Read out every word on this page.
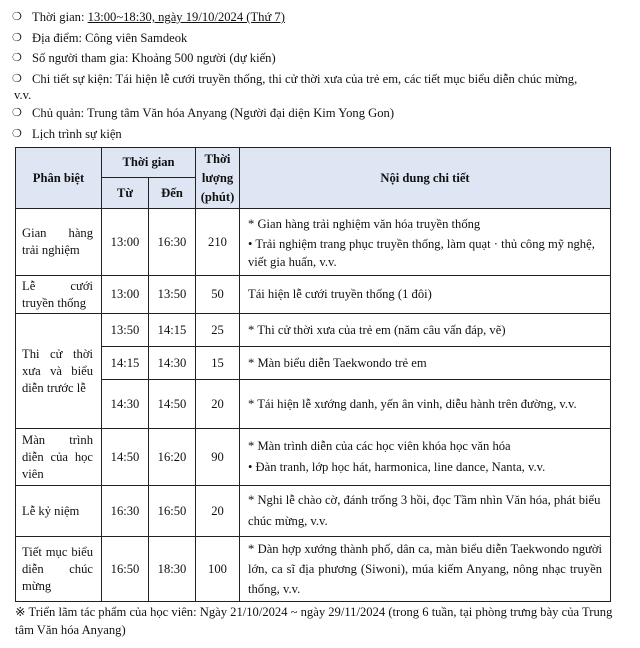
❍ Thời gian: 13:00~18:30, ngày 19/10/2024 (Thứ 7)
❍ Địa điểm: Công viên Samdeok
❍ Số người tham gia: Khoảng 500 người (dự kiến)
❍ Chi tiết sự kiện: Tái hiện lễ cưới truyền thống, thi cử thời xưa của trẻ em, các tiết mục biểu diễn chúc mừng,
v.v.
❍ Chủ quản: Trung tâm Văn hóa Anyang (Người đại diện Kim Yong Gon)
❍ Lịch trình sự kiện
Phân biệt	Thời gian		Thời lượng (phút)	Nội dung chi tiết
	Từ	Đến		
Gian hàng trải nghiệm	13:00	16:30	210	* Gian hàng trải nghiệm văn hóa truyền thống
• Trải nghiệm trang phục truyền thống, làm quạt · thủ công mỹ nghệ, viết gia huấn, v.v.

Lễ cưới truyền thống	13:00	13:50	50	Tái hiện lễ cưới truyền thống (1 đôi)
Thi cử thời xưa và biểu diễn trước lễ	13:50	14:15	25	* Thi cử thời xưa của trẻ em (năm câu vấn đáp, vẽ)
	14:15	14:30	15	* Màn biểu diễn Taekwondo trẻ em
	14:30	14:50	20	* Tái hiện lễ xướng danh, yến ân vinh, diễu hành trên đường, v.v.
Màn trình diễn của học viên	14:50	16:20	90	* Màn trình diễn của các học viên khóa học văn hóa
• Đàn tranh, lớp học hát, harmonica, line dance, Nanta, v.v.

Lễ kỷ niệm	16:30	16:50	20	* Nghi lễ chào cờ, đánh trống 3 hồi, đọc Tầm nhìn Văn hóa, phát biểu chúc mừng, v.v.
Tiết mục biểu diễn chúc mừng	16:50	18:30	100	* Dàn hợp xướng thành phố, dân ca, màn biểu diễn Taekwondo người lớn, ca sĩ địa phương (Siwoni), múa kiếm Anyang, nông nhạc truyền thống, v.v.
※ Triển lãm tác phẩm của học viên: Ngày 21/10/2024 ~ ngày 29/11/2024 (trong 6 tuần, tại phòng trưng bày của Trung tâm Văn hóa Anyang)
